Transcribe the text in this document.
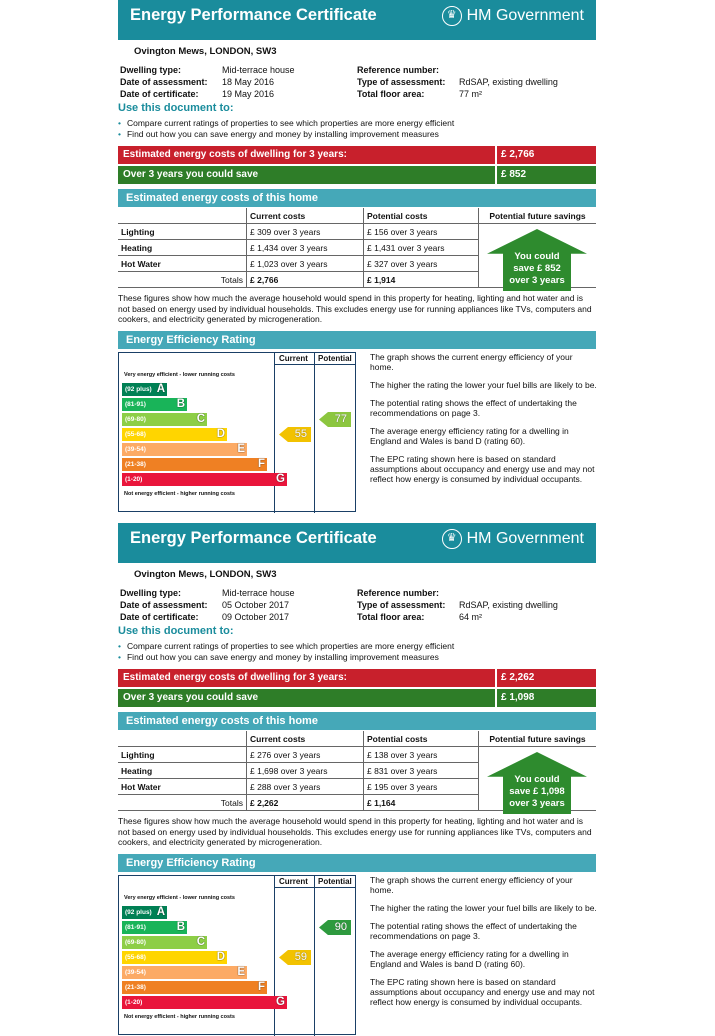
Energy Performance Certificate	♛ HM Government
Ovington Mews, LONDON, SW3
Dwelling type:	Mid-terrace house
Date of assessment: 18 May 2016
Date of certificate:	19 May 2016
Reference number:
Type of assessment: RdSAP, existing dwelling
Total floor area:	77 m²
Use this document to:
• Compare current ratings of properties to see which properties are more energy efficient
• Find out how you can save energy and money by installing improvement measures
Estimated energy costs of dwelling for 3 years:	£ 2,766
Over 3 years you could save	£ 852
Estimated energy costs of this home
	Current costs	Potential costs	Potential future savings
Lighting	£ 309 over 3 years	£ 156 over 3 years	
Heating	£ 1,434 over 3 years	£ 1,431 over 3 years	
Hot Water	£ 1,023 over 3 years	£ 327 over 3 years	
Totals	£ 2,766	£ 1,914	
You could
save £ 852
over 3 years
These figures show how much the average household would spend in this property for heating, lighting and hot water and is not based on energy used by individual households. This excludes energy use for running appliances like TVs, computers and cookers, and electricity generated by microgeneration.
Energy Efficiency Rating
Current Potential
Very energy efficient - lower running costs
(92 plus) A
(81-91)	B
(69-80)	C
(55-68)	D
(39-54)	E
(21-38)	F
(1-20)	G
Not energy efficient - higher running costs
55
77

The graph shows the current energy efficiency of your home.

The higher the rating the lower your fuel bills are likely to be.

The potential rating shows the effect of undertaking the recommendations on page 3.

The average energy efficiency rating for a dwelling in England and Wales is band D (rating 60).

The EPC rating shown here is based on standard assumptions about occupancy and energy use and may not reflect how energy is consumed by individual occupants.

Energy Performance Certificate	♛ HM Government
Ovington Mews, LONDON, SW3
Dwelling type:	Mid-terrace house
Date of assessment: 05 October 2017
Date of certificate:	09 October 2017
Reference number:
Type of assessment: RdSAP, existing dwelling
Total floor area:	64 m²
Use this document to:
• Compare current ratings of properties to see which properties are more energy efficient
• Find out how you can save energy and money by installing improvement measures
Estimated energy costs of dwelling for 3 years:	£ 2,262
Over 3 years you could save	£ 1,098
Estimated energy costs of this home
	Current costs	Potential costs	Potential future savings
Lighting	£ 276 over 3 years	£ 138 over 3 years	
Heating	£ 1,698 over 3 years	£ 831 over 3 years	
Hot Water	£ 288 over 3 years	£ 195 over 3 years	
Totals	£ 2,262	£ 1,164	
You could
save £ 1,098
over 3 years
These figures show how much the average household would spend in this property for heating, lighting and hot water and is not based on energy used by individual households. This excludes energy use for running appliances like TVs, computers and cookers, and electricity generated by microgeneration.
Energy Efficiency Rating
Current Potential
Very energy efficient - lower running costs
(92 plus) A
(81-91)	B
(69-80)	C
(55-68)	D
(39-54)	E
(21-38)	F
(1-20)	G
Not energy efficient - higher running costs
59
90

The graph shows the current energy efficiency of your home.

The higher the rating the lower your fuel bills are likely to be.

The potential rating shows the effect of undertaking the recommendations on page 3.

The average energy efficiency rating for a dwelling in England and Wales is band D (rating 60).

The EPC rating shown here is based on standard assumptions about occupancy and energy use and may not reflect how energy is consumed by individual occupants.
